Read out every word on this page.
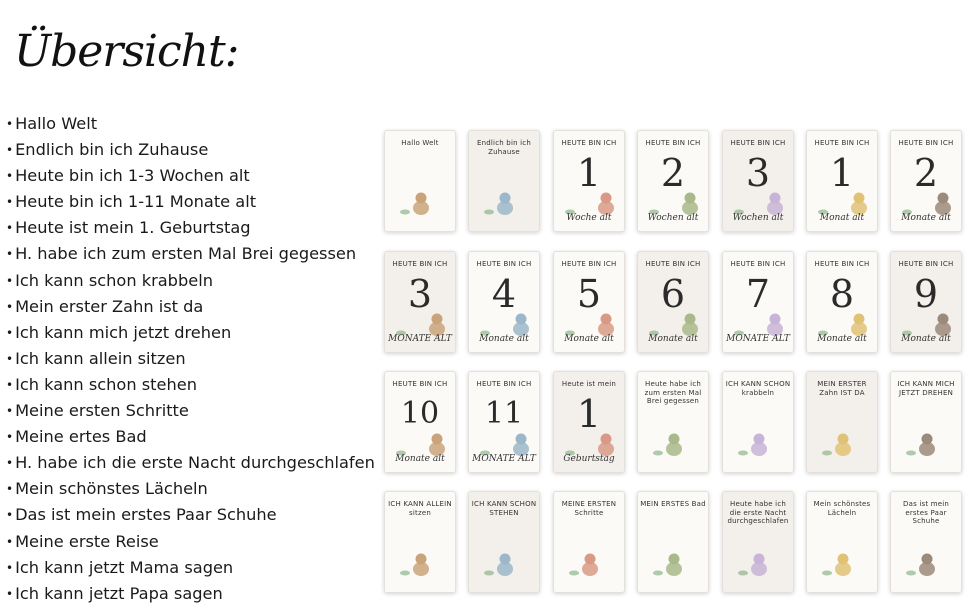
Übersicht:
• Hallo Welt
• Endlich bin ich Zuhause
• Heute bin ich 1-3 Wochen alt
• Heute bin ich 1-11 Monate alt
• Heute ist mein 1. Geburtstag
• H. habe ich zum ersten Mal Brei gegessen
• Ich kann schon krabbeln
• Mein erster Zahn ist da
• Ich kann mich jetzt drehen
• Ich kann allein sitzen
• Ich kann schon stehen
• Meine ersten Schritte
• Meine ertes Bad
• H. habe ich die erste Nacht durchgeschlafen
• Mein schönstes Lächeln
• Das ist mein erstes Paar Schuhe
• Meine erste Reise
• Ich kann jetzt Mama sagen
• Ich kann jetzt Papa sagen
Hallo Welt	Endlich bin ich Zuhause
HEUTE BIN ICH
1
Woche alt
HEUTE BIN ICH
2
Wochen alt
HEUTE BIN ICH
3
Wochen alt
HEUTE BIN ICH
1
Monat alt
HEUTE BIN ICH
2
Monate alt
HEUTE BIN ICH
3
MONATE ALT
HEUTE BIN ICH
4
Monate alt
HEUTE BIN ICH
5
Monate alt
HEUTE BIN ICH
6
Monate alt
HEUTE BIN ICH
7
MONATE ALT
HEUTE BIN ICH
8
Monate alt
HEUTE BIN ICH
9
Monate alt
HEUTE BIN ICH
10
Monate alt
HEUTE BIN ICH
11
MONATE ALT
Heute ist mein
1
Geburtstag
Heute habe ich zum ersten Mal Brei gegessen
ICH KANN SCHON krabbeln
MEIN ERSTER Zahn IST DA
ICH KANN MICH JETZT DREHEN
ICH KANN ALLEIN sitzen
ICH KANN SCHON STEHEN
MEINE ERSTEN Schritte
MEIN ERSTES Bad	Heute habe ich die erste Nacht durchgeschlafen
Mein schönstes Lächeln
Das ist mein erstes Paar Schuhe
